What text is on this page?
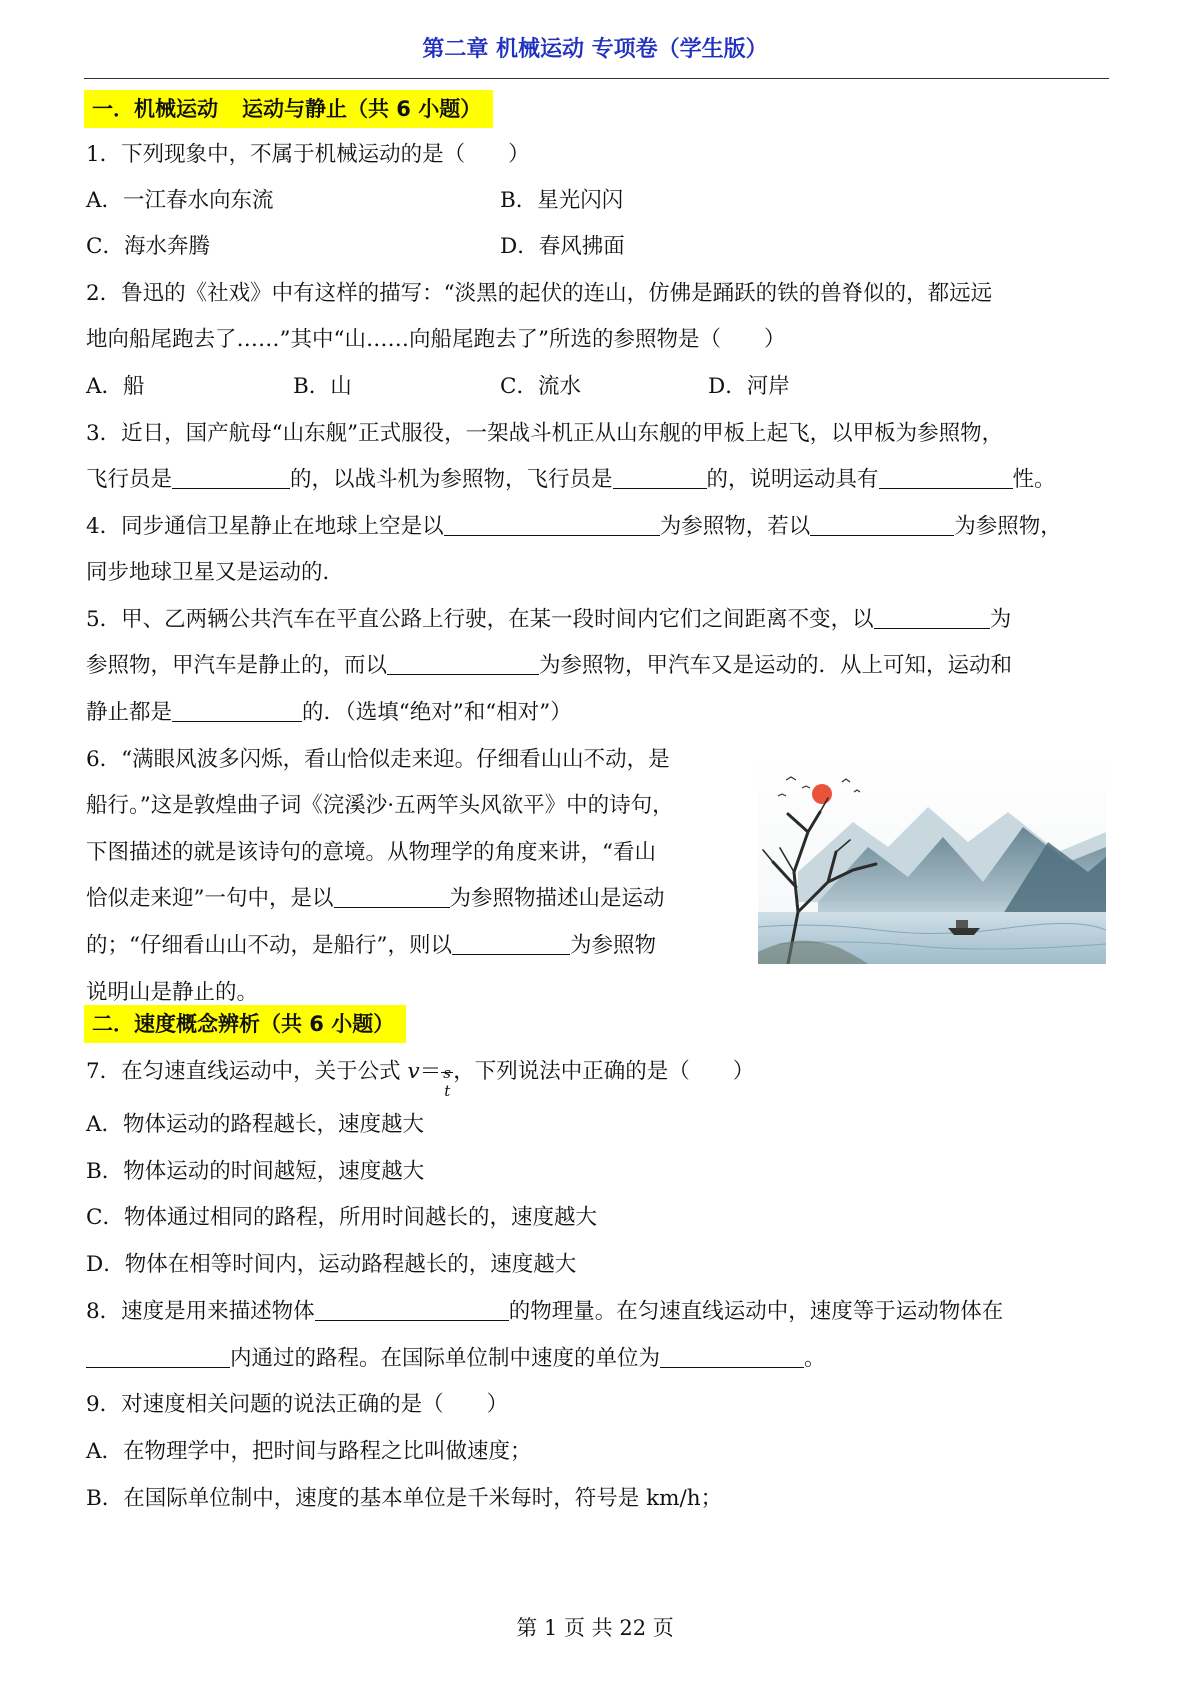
第二章 机械运动 专项卷（学生版）
一．机械运动 运动与静止（共 6 小题）
1．下列现象中，不属于机械运动的是（　　）
A．一江春水向东流	B．星光闪闪
C．海水奔腾	D．春风拂面
2．鲁迅的《社戏》中有这样的描写：“淡黑的起伏的连山，仿佛是踊跃的铁的兽脊似的，都远远
地向船尾跑去了……”其中“山……向船尾跑去了”所选的参照物是（　　）
A．船	B．山	C．流水	D．河岸
3．近日，国产航母“山东舰”正式服役，一架战斗机正从山东舰的甲板上起飞，以甲板为参照物，
飞行员是	的，以战斗机为参照物，飞行员是	的，说明运动具有	性。
4．同步通信卫星静止在地球上空是以	为参照物，若以	为参照物，
同步地球卫星又是运动的．
5．甲、乙两辆公共汽车在平直公路上行驶，在某一段时间内它们之间距离不变，以	为
参照物，甲汽车是静止的，而以	为参照物，甲汽车又是运动的．从上可知，运动和
静止都是	的．（选填“绝对”和“相对”）
6．“满眼风波多闪烁，看山恰似走来迎。仔细看山山不动，是
船行。”这是敦煌曲子词《浣溪沙·五两竿头风欲平》中的诗句，
下图描述的就是该诗句的意境。从物理学的角度来讲，“看山
恰似走来迎”一句中，是以	为参照物描述山是运动
的；“仔细看山山不动，是船行”，则以	为参照物
说明山是静止的。
二．速度概念辨析（共 6 小题）
7．在匀速直线运动中，关于公式 v＝ s
t
，下列说法中正确的是（　　）
A．物体运动的路程越长，速度越大
B．物体运动的时间越短，速度越大
C．物体通过相同的路程，所用时间越长的，速度越大
D．物体在相等时间内，运动路程越长的，速度越大
8．速度是用来描述物体	的物理量。在匀速直线运动中，速度等于运动物体在
内通过的路程。在国际单位制中速度的单位为	。
9．对速度相关问题的说法正确的是（　　）
A．在物理学中，把时间与路程之比叫做速度；
B．在国际单位制中，速度的基本单位是千米每时，符号是 km/h；
第 1 页 共 22 页
